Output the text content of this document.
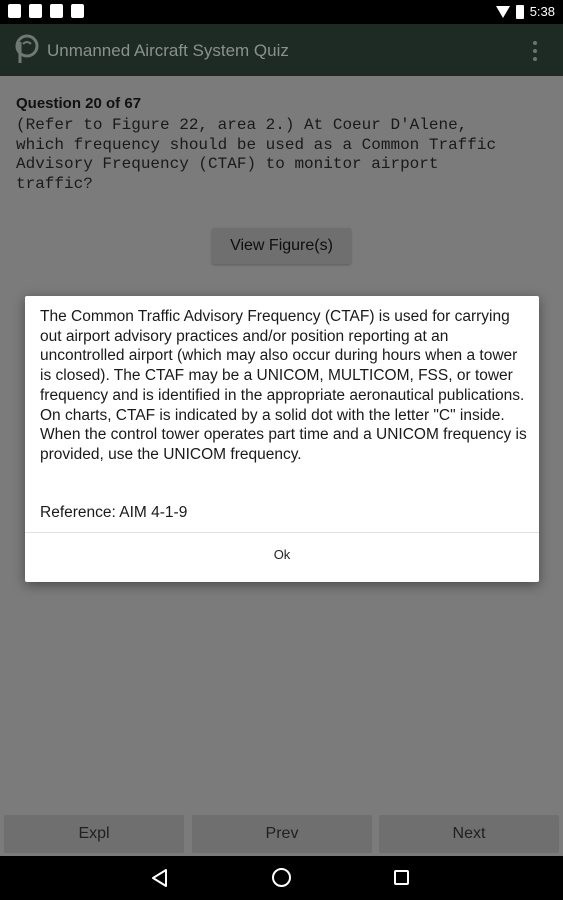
5:38
Unmanned Aircraft System Quiz
Question 20 of 67
(Refer to Figure 22, area 2.) At Coeur D'Alene,
which frequency should be used as a Common Traffic
Advisory Frequency (CTAF) to monitor airport
traffic?
View Figure(s)
Expl	Prev	Next
The Common Traffic Advisory Frequency (CTAF) is used for carrying out airport advisory practices and/or position reporting at an uncontrolled airport (which may also occur during hours when a tower is closed). The CTAF may be a UNICOM, MULTICOM, FSS, or tower frequency and is identified in the appropriate aeronautical publications. On charts, CTAF is indicated by a solid dot with the letter "C" inside. When the control tower operates part time and a UNICOM frequency is provided, use the UNICOM frequency.
Reference: AIM 4-1-9
Ok
